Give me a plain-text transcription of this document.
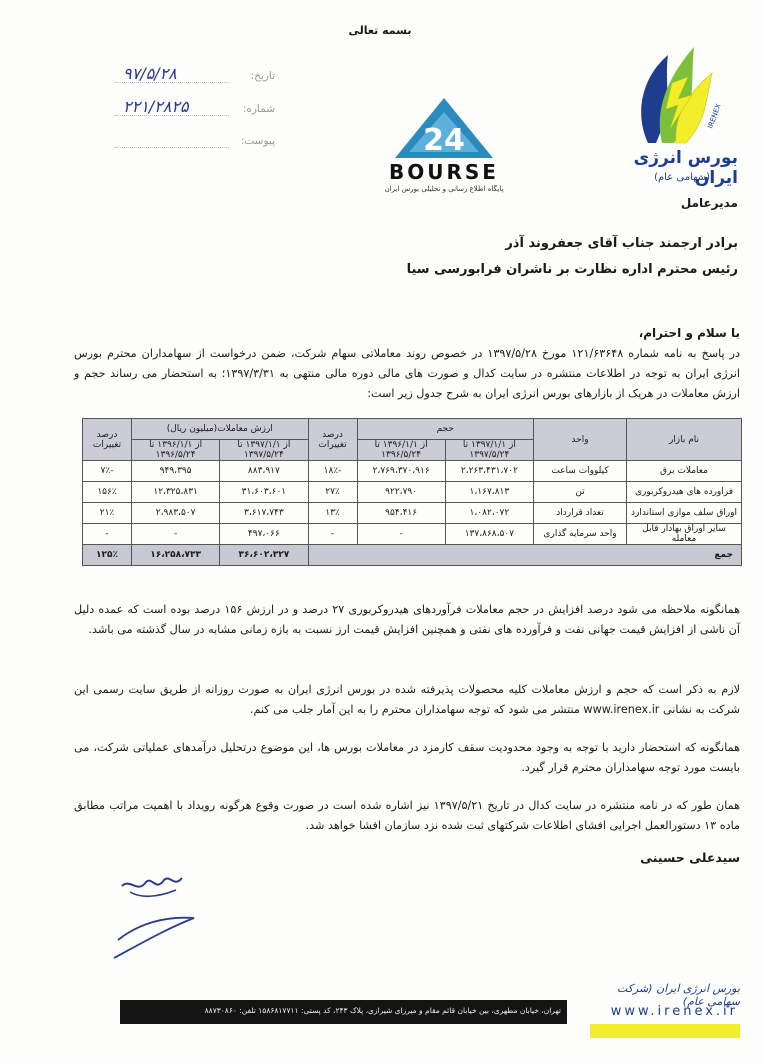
بسمه تعالی
تاریخ:
۹۷/۵/۲۸
شماره:
۲۲۱/۲۸۲۵
پیوست:	24
BOURSE
پایگاه اطلاع رسانی و تحلیلی بورس ایران
IRENEX
بورس انرژی ایران
(سهامی عام)
مدیرعامل
برادر ارجمند جناب آقای جعفروند آذر
رئیس محترم اداره نظارت بر ناشران فرابورسی سیا
با سلام و احترام،
در پاسخ به نامه شماره ۱۲۱/۶۳۶۴۸ مورخ ۱۳۹۷/۵/۲۸ در خصوص روند معاملاتی سهام شرکت، ضمن درخواست از سهامداران محترم بورس انرژی ایران به توجه در اطلاعات منتشره در سایت کدال و صورت های مالی دوره مالی منتهی به ۱۳۹۷/۳/۳۱؛ به استحضار می رساند حجم و ارزش معاملات در هریک از بازارهای بورس انرژی ایران به شرح جدول زیر است:
نام بازار	واحد	حجم		درصد تغییرات	ارزش معاملات(میلیون ریال)		درصد تغییرات
		از ۱۳۹۷/۱/۱ تا ۱۳۹۷/۵/۲۴	از ۱۳۹۶/۱/۱ تا ۱۳۹۶/۵/۲۴		از ۱۳۹۷/۱/۱ تا ۱۳۹۷/۵/۲۴	از ۱۳۹۶/۱/۱ تا ۱۳۹۶/۵/۲۴	
معاملات برق	کیلووات ساعت	۲،۲۶۳،۴۳۱،۷۰۲	۲،۷۶۹،۳۷۰،۹۱۶	-۱۸٪	۸۸۳،۹۱۷	۹۴۹،۳۹۵	-۷٪
فراورده های هیدروکربوری	تن	۱،۱۶۷،۸۱۳	۹۲۲،۷۹۰	۲۷٪	۳۱،۶۰۳،۶۰۱	۱۲،۳۲۵،۸۳۱	۱۵۶٪
اوراق سلف موازی استاندارد	تعداد قرارداد	۱،۰۸۲،۰۷۲	۹۵۴،۴۱۶	۱۳٪	۳،۶۱۷،۷۴۳	۲،۹۸۳،۵۰۷	۲۱٪
سایر اوراق بهادار قابل معامله	واحد سرمایه گذاری	۱۳۷،۸۶۸،۵۰۷	-	-	۴۹۷،۰۶۶	-	-
جمع					۳۶،۶۰۲،۳۲۷	۱۶،۲۵۸،۷۳۳	۱۲۵٪
همانگونه ملاحظه می شود درصد افزایش در حجم معاملات فرآوردهای هیدروکربوری ۲۷ درصد و در ارزش ۱۵۶ درصد بوده است که عمده دلیل آن ناشی از افزایش قیمت جهانی نفت و فرآورده های نفتی و همچنین افزایش قیمت ارز نسبت به بازه زمانی مشابه در سال گذشته می باشد.
لازم به ذکر است که حجم و ارزش معاملات کلیه محصولات پذیرفته شده در بورس انرژی ایران به صورت روزانه از طریق سایت رسمی این شرکت به نشانی www.irenex.ir منتشر می شود که توجه سهامداران محترم را به این آمار جلب می کنم.
همانگونه که استحضار دارید با توجه به وجود محدودیت سقف کارمزد در معاملات بورس ها، این موضوع درتحلیل درآمدهای عملیاتی شرکت، می بایست مورد توجه سهامداران محترم قرار گیرد.
همان طور که در نامه منتشره در سایت کدال در تاریخ ۱۳۹۷/۵/۲۱ نیز اشاره شده است در صورت وقوع هرگونه رویداد با اهمیت مراتب مطابق ماده ۱۳ دستورالعمل اجرایی افشای اطلاعات شرکتهای ثبت شده نزد سازمان افشا خواهد شد.
سیدعلی حسینی
تهران، خیابان مطهری، بین خیابان قائم مقام و میرزای شیرازی، پلاک ۲۴۳، کد پستی: ۱۵۸۶۸۱۷۷۱۱ تلفن: ۸۸۷۳۰۸۶۰
بورس انرژی ایران (شرکت سهامی عام)
www.irenex.ir
